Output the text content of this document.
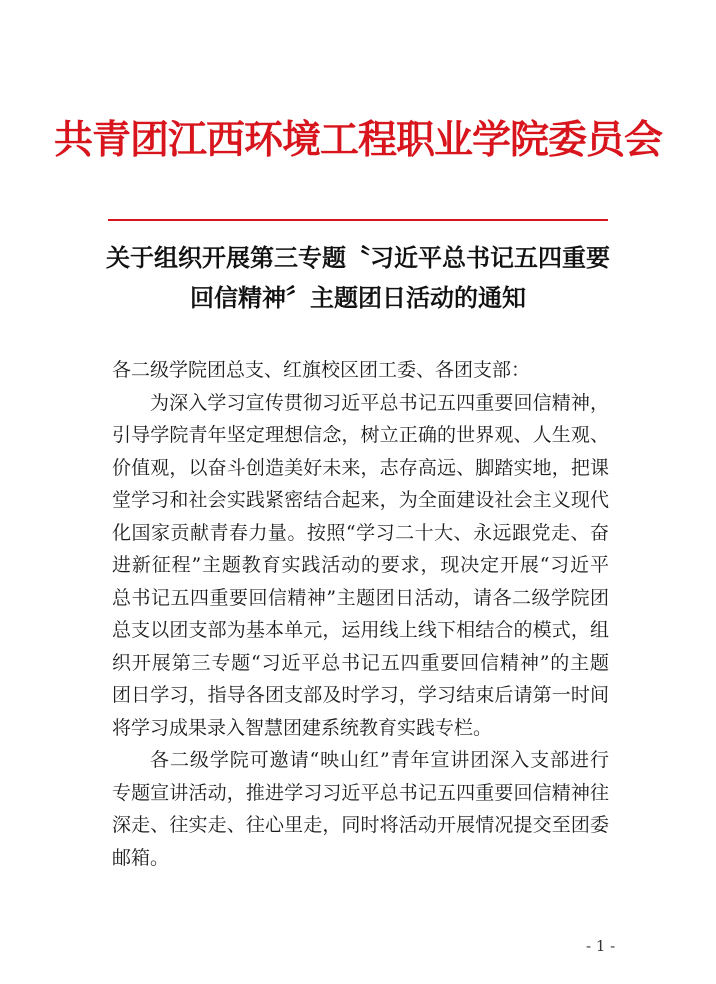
共青团江西环境工程职业学院委员会
关于组织开展第三专题〝习近平总书记五四重要
回信精神〞主题团日活动的通知
各二级学院团总支、红旗校区团工委、各团支部：
为深入学习宣传贯彻习近平总书记五四重要回信精神，
引导学院青年坚定理想信念，树立正确的世界观、人生观、
价值观，以奋斗创造美好未来，志存高远、脚踏实地，把课
堂学习和社会实践紧密结合起来，为全面建设社会主义现代
化国家贡献青春力量。按照“学习二十大、永远跟党走、奋
进新征程”主题教育实践活动的要求，现决定开展“习近平
总书记五四重要回信精神”主题团日活动，请各二级学院团
总支以团支部为基本单元，运用线上线下相结合的模式，组
织开展第三专题“习近平总书记五四重要回信精神”的主题
团日学习，指导各团支部及时学习，学习结束后请第一时间
将学习成果录入智慧团建系统教育实践专栏。
各二级学院可邀请“映山红”青年宣讲团深入支部进行
专题宣讲活动，推进学习习近平总书记五四重要回信精神往
深走、往实走、往心里走，同时将活动开展情况提交至团委
邮箱。
- 1 -
